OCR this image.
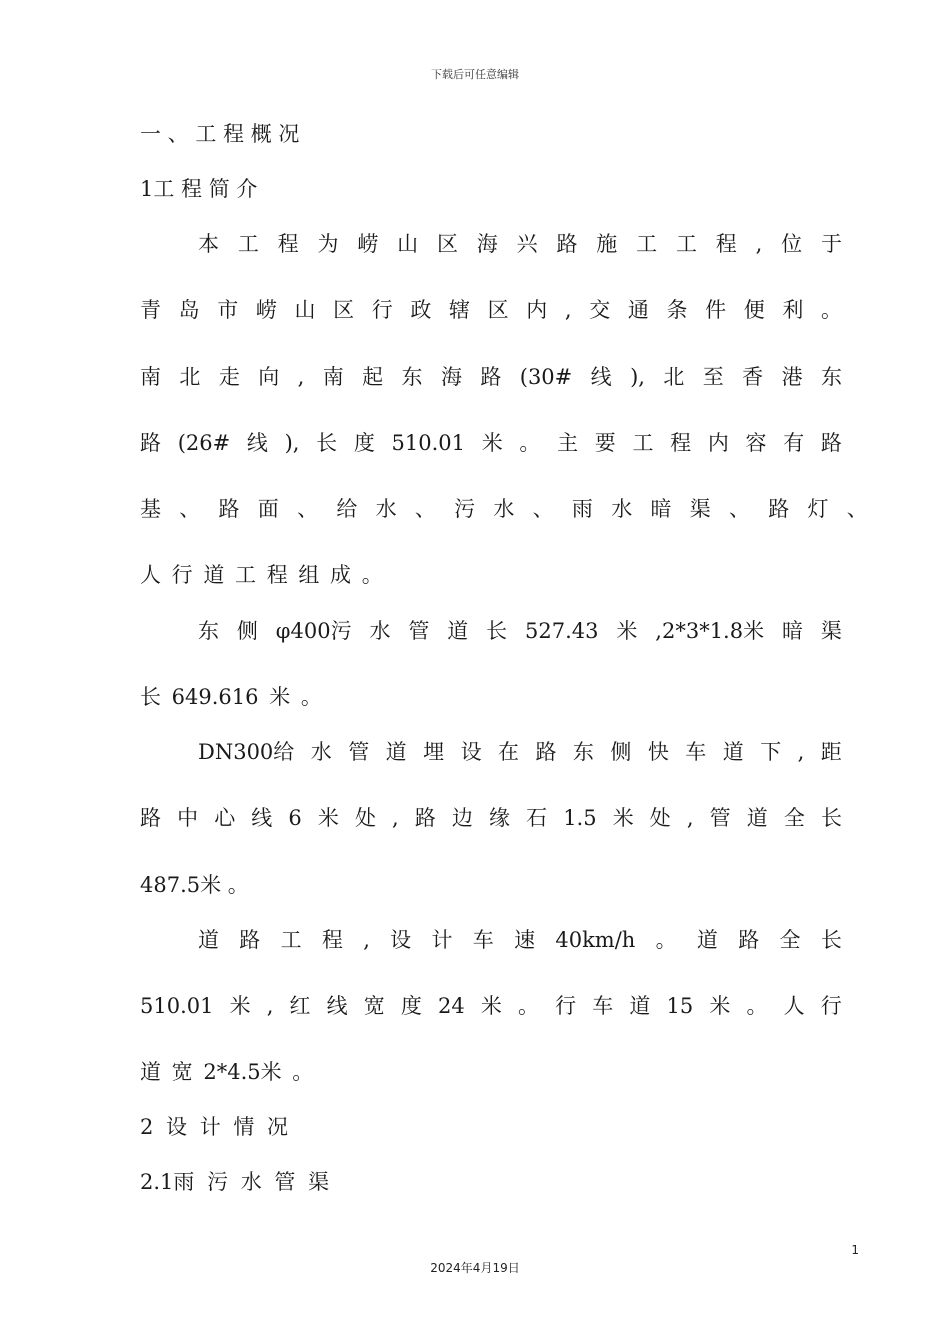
下载后可任意编辑
一 、 工 程 概 况
1工 程 简 介
本 工 程 为 崂 山 区 海 兴 路 施 工 工 程 , 位 于
青 岛 市 崂 山 区 行 政 辖 区 内 , 交 通 条 件 便 利 。
南 北 走 向 , 南 起 东 海 路 (30# 线 ), 北 至 香 港 东
路 (26# 线 ), 长 度 510.01 米 。 主 要 工 程 内 容 有 路
基 、 路 面 、 给 水 、 污 水 、 雨 水 暗 渠 、 路 灯 、
人 行 道 工 程 组 成 。
东 侧 φ400污 水 管 道 长 527.43 米 ,2*3*1.8米 暗 渠
长 649.616 米 。
DN300给 水 管 道 埋 设 在 路 东 侧 快 车 道 下 , 距
路 中 心 线 6 米 处 , 路 边 缘 石 1.5 米 处 , 管 道 全 长
487.5米 。
道 路 工 程 , 设 计 车 速 40km/h 。 道 路 全 长
510.01 米 , 红 线 宽 度 24 米 。 行 车 道 15 米 。 人 行
道 宽 2*4.5米 。
2 设 计 情 况
2.1雨 污 水 管 渠
1
2024年4月19日
